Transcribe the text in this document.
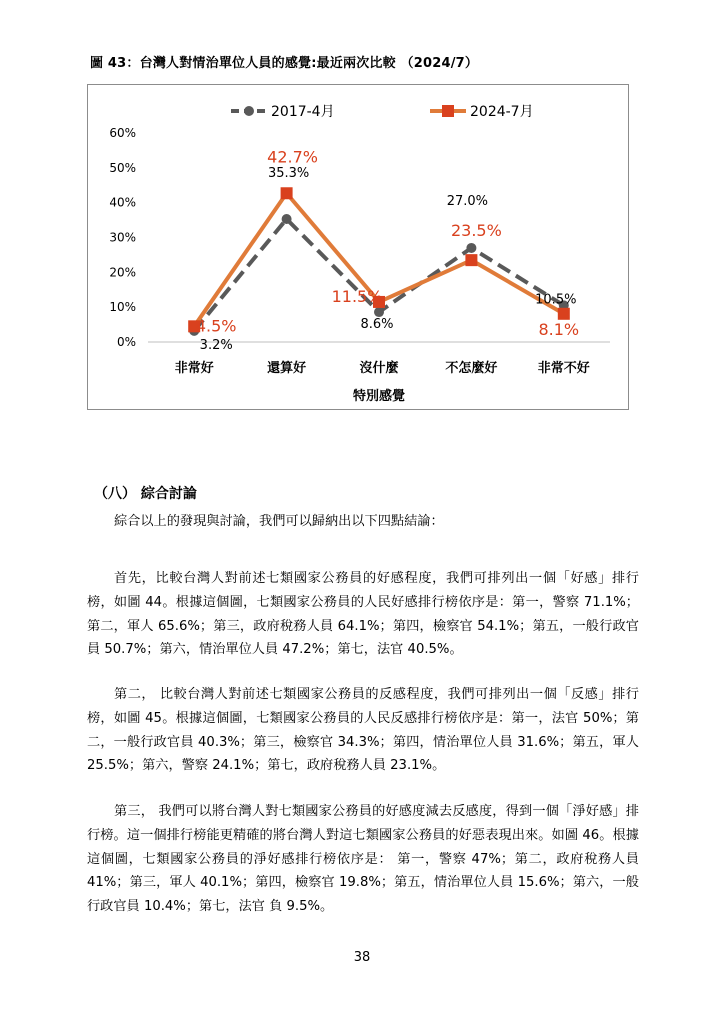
圖 43：台灣人對情治單位人員的感覺:最近兩次比較 （2024/7）
0%
10%
20%
30%
40%
50%
60%
非常好	還算好	沒什麼	不怎麼好	非常不好
特別感覺
3.2%
35.3%
8.6%
27.0%
10.5%
4.5%
42.7%
11.5%
23.5%
8.1%
2017-4月	2024-7月
（八） 綜合討論

綜合以上的發現與討論，我們可以歸納出以下四點結論：

首先，比較台灣人對前述七類國家公務員的好感程度，我們可排列出一個「好感」排行榜，如圖 44。根據這個圖，七類國家公務員的人民好感排行榜依序是：第一，警察 71.1%；第二，軍人 65.6%；第三，政府稅務人員 64.1%；第四，檢察官 54.1%；第五，一般行政官員 50.7%；第六，情治單位人員 47.2%；第七，法官 40.5%。

第二， 比較台灣人對前述七類國家公務員的反感程度，我們可排列出一個「反感」排行榜，如圖 45。根據這個圖，七類國家公務員的人民反感排行榜依序是：第一，法官 50%；第二，一般行政官員 40.3%；第三，檢察官 34.3%；第四，情治單位人員 31.6%；第五，軍人 25.5%；第六，警察 24.1%；第七，政府稅務人員 23.1%。

第三， 我們可以將台灣人對七類國家公務員的好感度減去反感度，得到一個「淨好感」排行榜。這一個排行榜能更精確的將台灣人對這七類國家公務員的好惡表現出來。如圖 46。根據這個圖，七類國家公務員的淨好感排行榜依序是： 第一，警察 47%；第二，政府稅務人員 41%；第三，軍人 40.1%；第四，檢察官 19.8%；第五，情治單位人員 15.6%；第六，一般行政官員 10.4%；第七，法官 負 9.5%。

38
